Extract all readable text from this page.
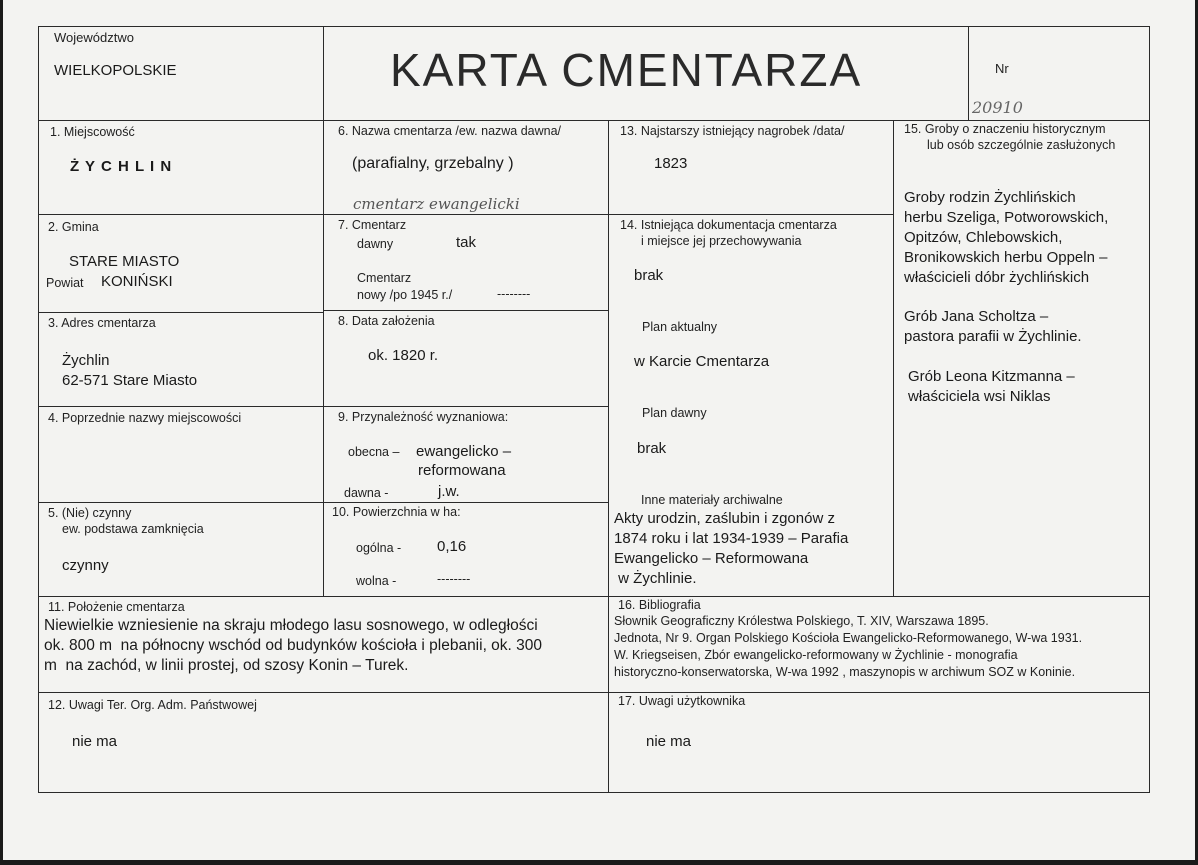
Województwo
WIELKOPOLSKIE	KARTA CMENTARZA	Nr
20910
1. Miejscowość
Ż Y C H L I N
2. Gmina
STARE MIASTO
Powiat KONIŃSKI
3. Adres cmentarza
Żychlin
62-571 Stare Miasto
4. Poprzednie nazwy miejscowości
5. (Nie) czynny
ew. podstawa zamknięcia
czynny
6. Nazwa cmentarza /ew. nazwa dawna/
(parafialny, grzebalny )
cmentarz ewangelicki
7. Cmentarz
dawny	tak
Cmentarz
nowy /po 1945 r./	--------
8. Data założenia
ok. 1820 r.
9. Przynależność wyznaniowa:
obecna – ewangelicko –
reformowana
dawna -	j.w.
10. Powierzchnia w ha:
ogólna - 0,16
wolna -	--------
13. Najstarszy istniejący nagrobek /data/
1823
14. Istniejąca dokumentacja cmentarza
i miejsce jej przechowywania
brak
Plan aktualny
w Karcie Cmentarza
Plan dawny
brak
Inne materiały archiwalne
Akty urodzin, zaślubin i zgonów z
1874 roku i lat 1934-1939 – Parafia
Ewangelicko – Reformowana
w Żychlinie.
15. Groby o znaczeniu historycznym
lub osób szczególnie zasłużonych
Groby rodzin Żychlińskich
herbu Szeliga, Potworowskich,
Opitzów, Chlebowskich,
Bronikowskich herbu Oppeln –
właścicieli dóbr żychlińskich
Grób Jana Scholtza –
pastora parafii w Żychlinie.
Grób Leona Kitzmanna –
właściciela wsi Niklas
11. Położenie cmentarza
Niewielkie wzniesienie na skraju młodego lasu sosnowego, w odległości
ok. 800 m  na północny wschód od budynków kościoła i plebanii, ok. 300
m  na zachód, w linii prostej, od szosy Konin – Turek.
16. Bibliografia
Słownik Geograficzny Królestwa Polskiego, T. XIV, Warszawa 1895.
Jednota, Nr 9. Organ Polskiego Kościoła Ewangelicko-Reformowanego, W-wa 1931.
W. Kriegseisen, Zbór ewangelicko-reformowany w Żychlinie - monografia
historyczno-konserwatorska, W-wa 1992 , maszynopis w archiwum SOZ w Koninie.
12. Uwagi Ter. Org. Adm. Państwowej
nie ma
17. Uwagi użytkownika
nie ma
